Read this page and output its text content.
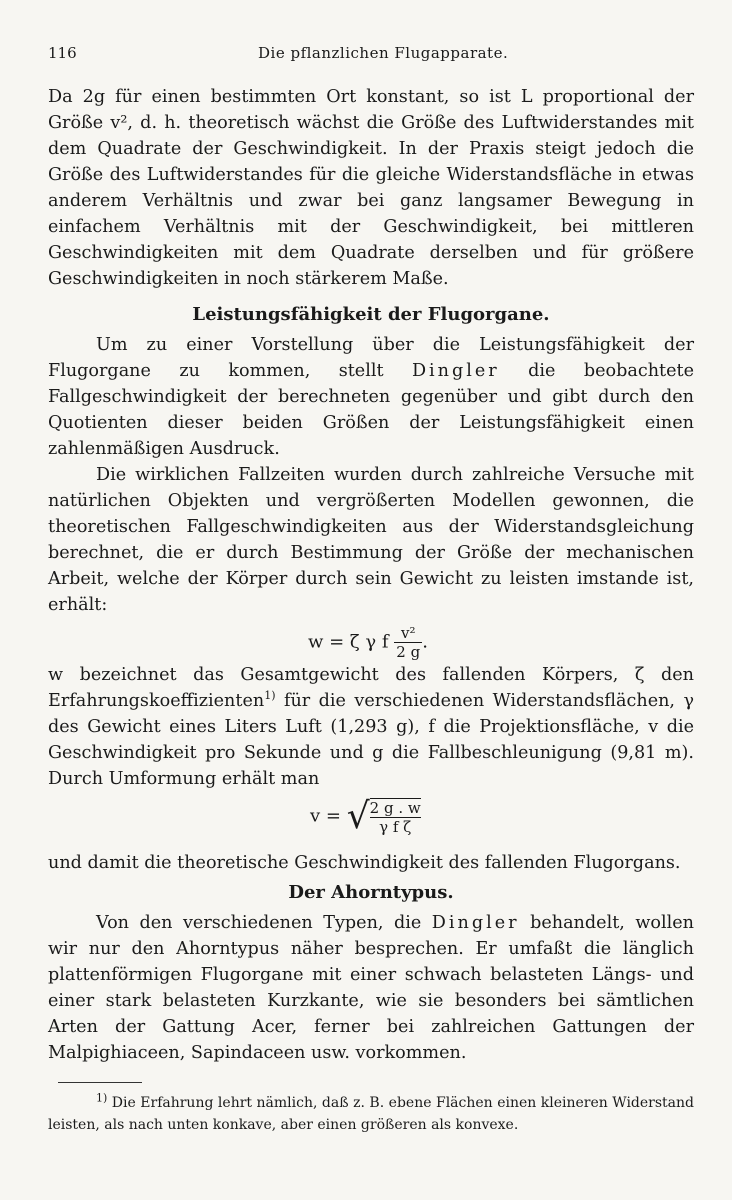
116	Die pflanzlichen Flugapparate.

Da 2g für einen bestimmten Ort konstant, so ist L proportional der Größe v², d. h. theoretisch wächst die Größe des Luftwiderstandes mit dem Quadrate der Geschwindigkeit. In der Praxis steigt jedoch die Größe des Luftwiderstandes für die gleiche Widerstandsfläche in etwas anderem Verhältnis und zwar bei ganz langsamer Bewegung in einfachem Verhältnis mit der Geschwindigkeit, bei mittleren Geschwindigkeiten mit dem Quadrate derselben und für größere Geschwindigkeiten in noch stärkerem Maße.

Leistungsfähigkeit der Flugorgane.

Um zu einer Vorstellung über die Leistungsfähigkeit der Flugorgane zu kommen, stellt Dingler die beobachtete Fallgeschwindigkeit der berechneten gegenüber und gibt durch den Quotienten dieser beiden Größen der Leistungsfähigkeit einen zahlenmäßigen Ausdruck.

Die wirklichen Fallzeiten wurden durch zahlreiche Versuche mit natürlichen Objekten und vergrößerten Modellen gewonnen, die theoretischen Fallgeschwindigkeiten aus der Widerstandsgleichung berechnet, die er durch Bestimmung der Größe der mechanischen Arbeit, welche der Körper durch sein Gewicht zu leisten imstande ist, erhält:

w = ζ γ f $\frac{\text{v²}}{2 g}$ .

w bezeichnet das Gesamtgewicht des fallenden Körpers, ζ den Erfahrungskoeffizienten$^{1)}$ für die verschiedenen Widerstandsflächen, γ des Gewicht eines Liters Luft (1,293 g), f die Projektionsfläche, v die Geschwindigkeit pro Sekunde und g die Fallbeschleunigung (9,81 m). Durch Umformung erhält man

v = √ $\frac{2 g . w}{\text{γ f ζ}}$

und damit die theoretische Geschwindigkeit des fallenden Flugorgans.

Der Ahorntypus.

Von den verschiedenen Typen, die Dingler behandelt, wollen wir nur den Ahorntypus näher besprechen. Er umfaßt die länglich plattenförmigen Flugorgane mit einer schwach belasteten Längs- und einer stark belasteten Kurzkante, wie sie besonders bei sämtlichen Arten der Gattung Acer, ferner bei zahlreichen Gattungen der Malpighiaceen, Sapindaceen usw. vorkommen.

$^{1)}$ Die Erfahrung lehrt nämlich, daß z. B. ebene Flächen einen kleineren Widerstand leisten, als nach unten konkave, aber einen größeren als konvexe.
